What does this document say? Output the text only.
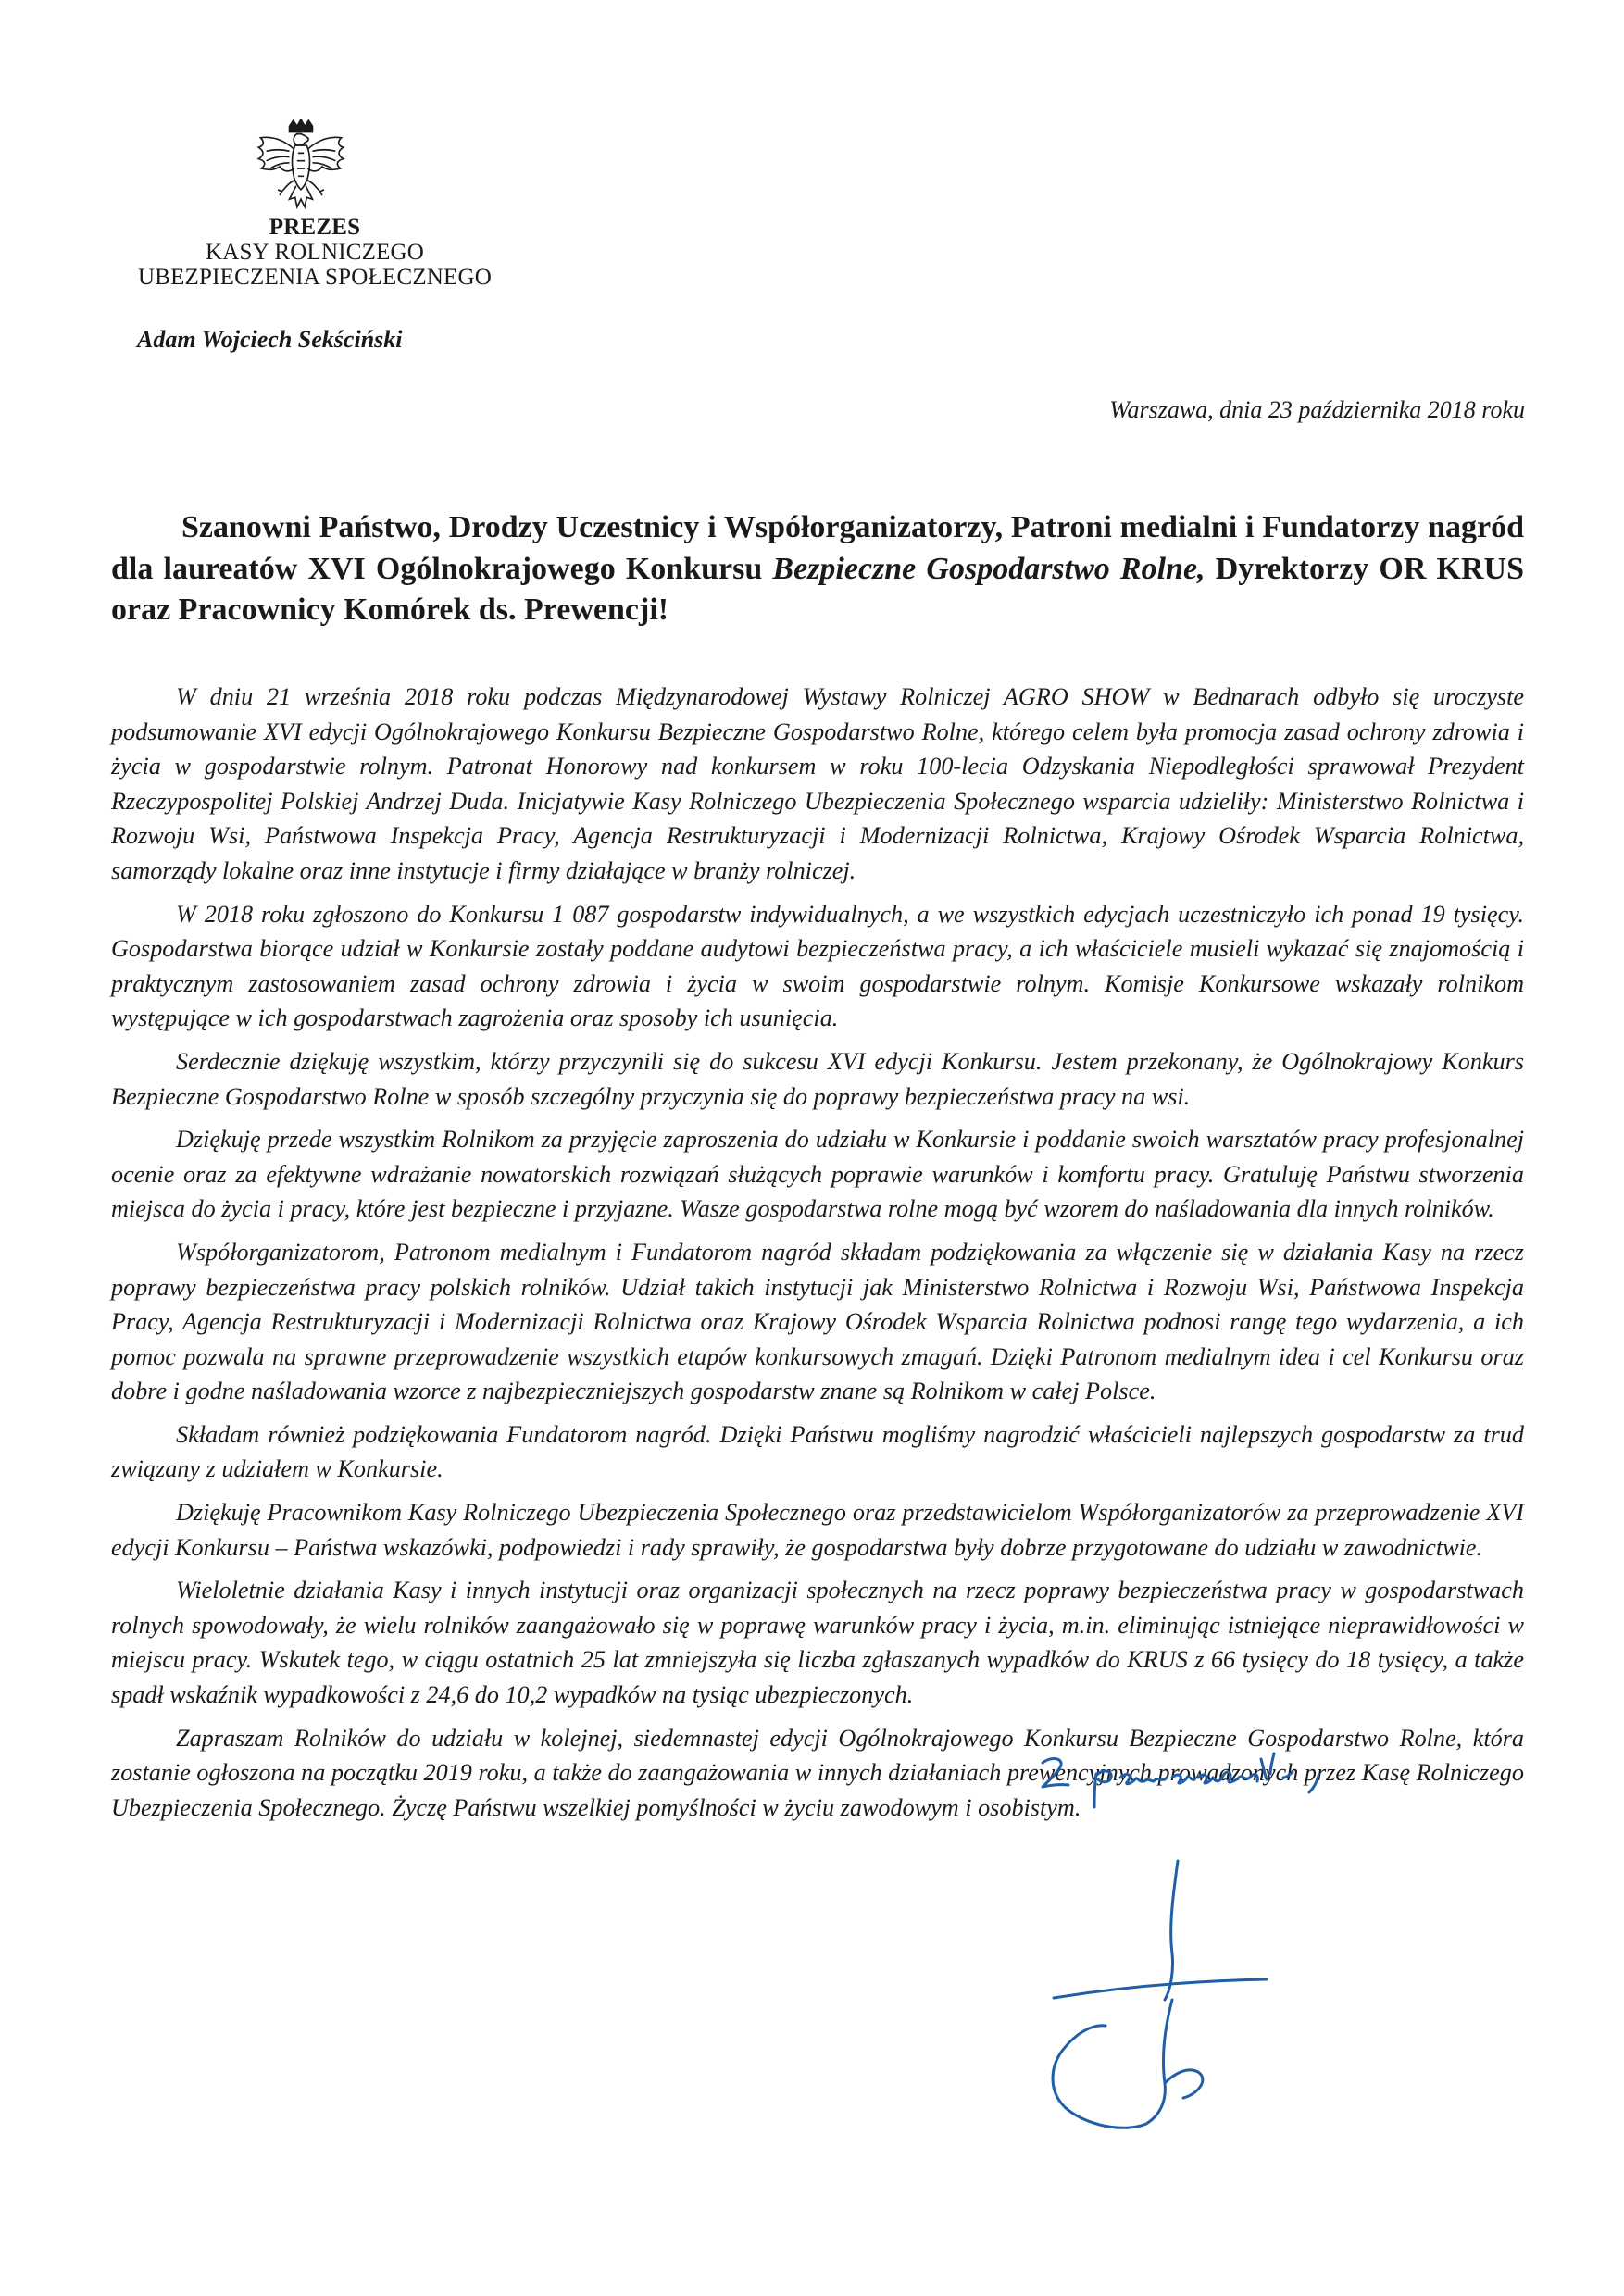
PREZES
KASY ROLNICZEGO
UBEZPIECZENIA SPOŁECZNEGO
Adam Wojciech Sekściński
Warszawa, dnia 23 października 2018 roku
Szanowni Państwo, Drodzy Uczestnicy i Współorganizatorzy, Patroni medialni i Fundatorzy nagród dla laureatów XVI Ogólnokrajowego Konkursu Bezpieczne Gospodarstwo Rolne, Dyrektorzy OR KRUS oraz Pracownicy Komórek ds. Prewencji!

W dniu 21 września 2018 roku podczas Międzynarodowej Wystawy Rolniczej AGRO SHOW w Bednarach odbyło się uroczyste podsumowanie XVI edycji Ogólnokrajowego Konkursu Bezpieczne Gospodarstwo Rolne, którego celem była promocja zasad ochrony zdrowia i życia w gospodarstwie rolnym. Patronat Honorowy nad konkursem w roku 100-lecia Odzyskania Niepodległości sprawował Prezydent Rzeczypospolitej Polskiej Andrzej Duda. Inicjatywie Kasy Rolniczego Ubezpieczenia Społecznego wsparcia udzieliły: Ministerstwo Rolnictwa i Rozwoju Wsi, Państwowa Inspekcja Pracy, Agencja Restrukturyzacji i Modernizacji Rolnictwa, Krajowy Ośrodek Wsparcia Rolnictwa, samorządy lokalne oraz inne instytucje i firmy działające w branży rolniczej.

W 2018 roku zgłoszono do Konkursu 1 087 gospodarstw indywidualnych, a we wszystkich edycjach uczestniczyło ich ponad 19 tysięcy. Gospodarstwa biorące udział w Konkursie zostały poddane audytowi bezpieczeństwa pracy, a ich właściciele musieli wykazać się znajomością i praktycznym zastosowaniem zasad ochrony zdrowia i życia w swoim gospodarstwie rolnym. Komisje Konkursowe wskazały rolnikom występujące w ich gospodarstwach zagrożenia oraz sposoby ich usunięcia.

Serdecznie dziękuję wszystkim, którzy przyczynili się do sukcesu XVI edycji Konkursu. Jestem przekonany, że Ogólnokrajowy Konkurs Bezpieczne Gospodarstwo Rolne w sposób szczególny przyczynia się do poprawy bezpieczeństwa pracy na wsi.

Dziękuję przede wszystkim Rolnikom za przyjęcie zaproszenia do udziału w Konkursie i poddanie swoich warsztatów pracy profesjonalnej ocenie oraz za efektywne wdrażanie nowatorskich rozwiązań służących poprawie warunków i komfortu pracy. Gratuluję Państwu stworzenia miejsca do życia i pracy, które jest bezpieczne i przyjazne. Wasze gospodarstwa rolne mogą być wzorem do naśladowania dla innych rolników.

Współorganizatorom, Patronom medialnym i Fundatorom nagród składam podziękowania za włączenie się w działania Kasy na rzecz poprawy bezpieczeństwa pracy polskich rolników. Udział takich instytucji jak Ministerstwo Rolnictwa i Rozwoju Wsi, Państwowa Inspekcja Pracy, Agencja Restrukturyzacji i Modernizacji Rolnictwa oraz Krajowy Ośrodek Wsparcia Rolnictwa podnosi rangę tego wydarzenia, a ich pomoc pozwala na sprawne przeprowadzenie wszystkich etapów konkursowych zmagań. Dzięki Patronom medialnym idea i cel Konkursu oraz dobre i godne naśladowania wzorce z najbezpieczniejszych gospodarstw znane są Rolnikom w całej Polsce.

Składam również podziękowania Fundatorom nagród. Dzięki Państwu mogliśmy nagrodzić właścicieli najlepszych gospodarstw za trud związany z udziałem w Konkursie.

Dziękuję Pracownikom Kasy Rolniczego Ubezpieczenia Społecznego oraz przedstawicielom Współorganizatorów za przeprowadzenie XVI edycji Konkursu – Państwa wskazówki, podpowiedzi i rady sprawiły, że gospodarstwa były dobrze przygotowane do udziału w zawodnictwie.

Wieloletnie działania Kasy i innych instytucji oraz organizacji społecznych na rzecz poprawy bezpieczeństwa pracy w gospodarstwach rolnych spowodowały, że wielu rolników zaangażowało się w poprawę warunków pracy i życia, m.in. eliminując istniejące nieprawidłowości w miejscu pracy. Wskutek tego, w ciągu ostatnich 25 lat zmniejszyła się liczba zgłaszanych wypadków do KRUS z 66 tysięcy do 18 tysięcy, a także spadł wskaźnik wypadkowości z 24,6 do 10,2 wypadków na tysiąc ubezpieczonych.

Zapraszam Rolników do udziału w kolejnej, siedemnastej edycji Ogólnokrajowego Konkursu Bezpieczne Gospodarstwo Rolne, która zostanie ogłoszona na początku 2019 roku, a także do zaangażowania w innych działaniach prewencyjnych prowadzonych przez Kasę Rolniczego Ubezpieczenia Społecznego. Życzę Państwu wszelkiej pomyślności w życiu zawodowym i osobistym.
